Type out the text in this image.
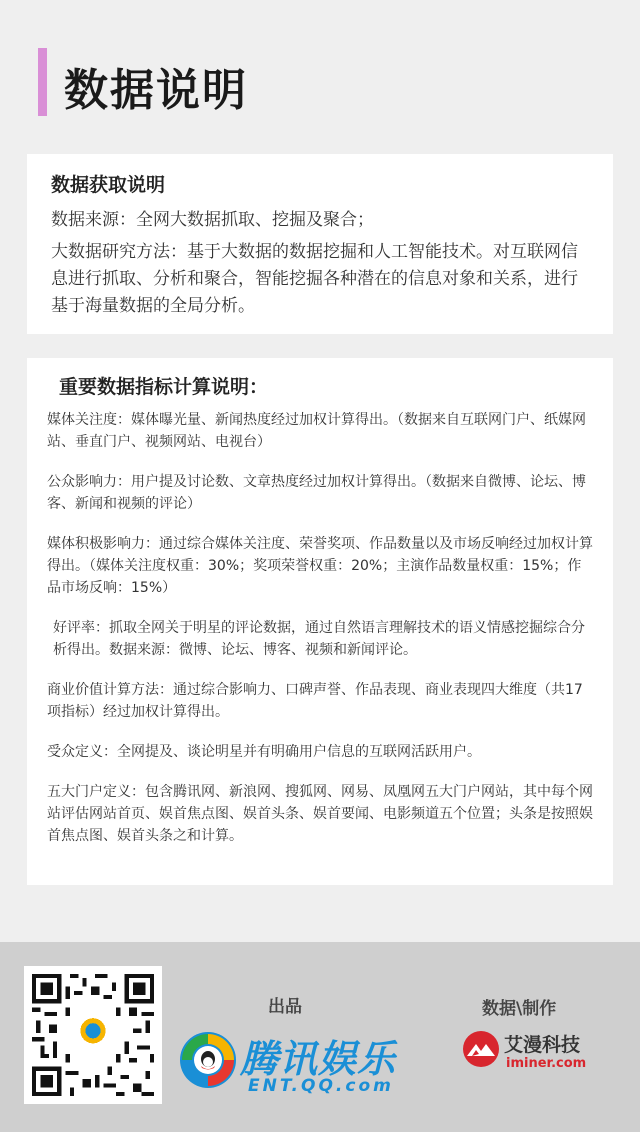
数据说明
数据获取说明
数据来源：全网大数据抓取、挖掘及聚合；
大数据研究方法：基于大数据的数据挖掘和人工智能技术。对互联网信息进行抓取、分析和聚合，智能挖掘各种潜在的信息对象和关系，进行基于海量数据的全局分析。
重要数据指标计算说明：
媒体关注度：媒体曝光量、新闻热度经过加权计算得出。（数据来自互联网门户、纸媒网站、垂直门户、视频网站、电视台）
公众影响力：用户提及讨论数、文章热度经过加权计算得出。（数据来自微博、论坛、博客、新闻和视频的评论）
媒体积极影响力：通过综合媒体关注度、荣誉奖项、作品数量以及市场反响经过加权计算得出。（媒体关注度权重：30%；奖项荣誉权重：20%；主演作品数量权重：15%；作品市场反响：15%）
好评率：抓取全网关于明星的评论数据，通过自然语言理解技术的语义情感挖掘综合分析得出。数据来源：微博、论坛、博客、视频和新闻评论。
商业价值计算方法：通过综合影响力、口碑声誉、作品表现、商业表现四大维度（共17项指标）经过加权计算得出。
受众定义：全网提及、谈论明星并有明确用户信息的互联网活跃用户。
五大门户定义：包含腾讯网、新浪网、搜狐网、网易、凤凰网五大门户网站，其中每个网站评估网站首页、娱首焦点图、娱首头条、娱首要闻、电影频道五个位置；头条是按照娱首焦点图、娱首头条之和计算。
出品	数据\制作
腾讯娱乐
ENT.QQ.com
艾漫科技
iminer.com
